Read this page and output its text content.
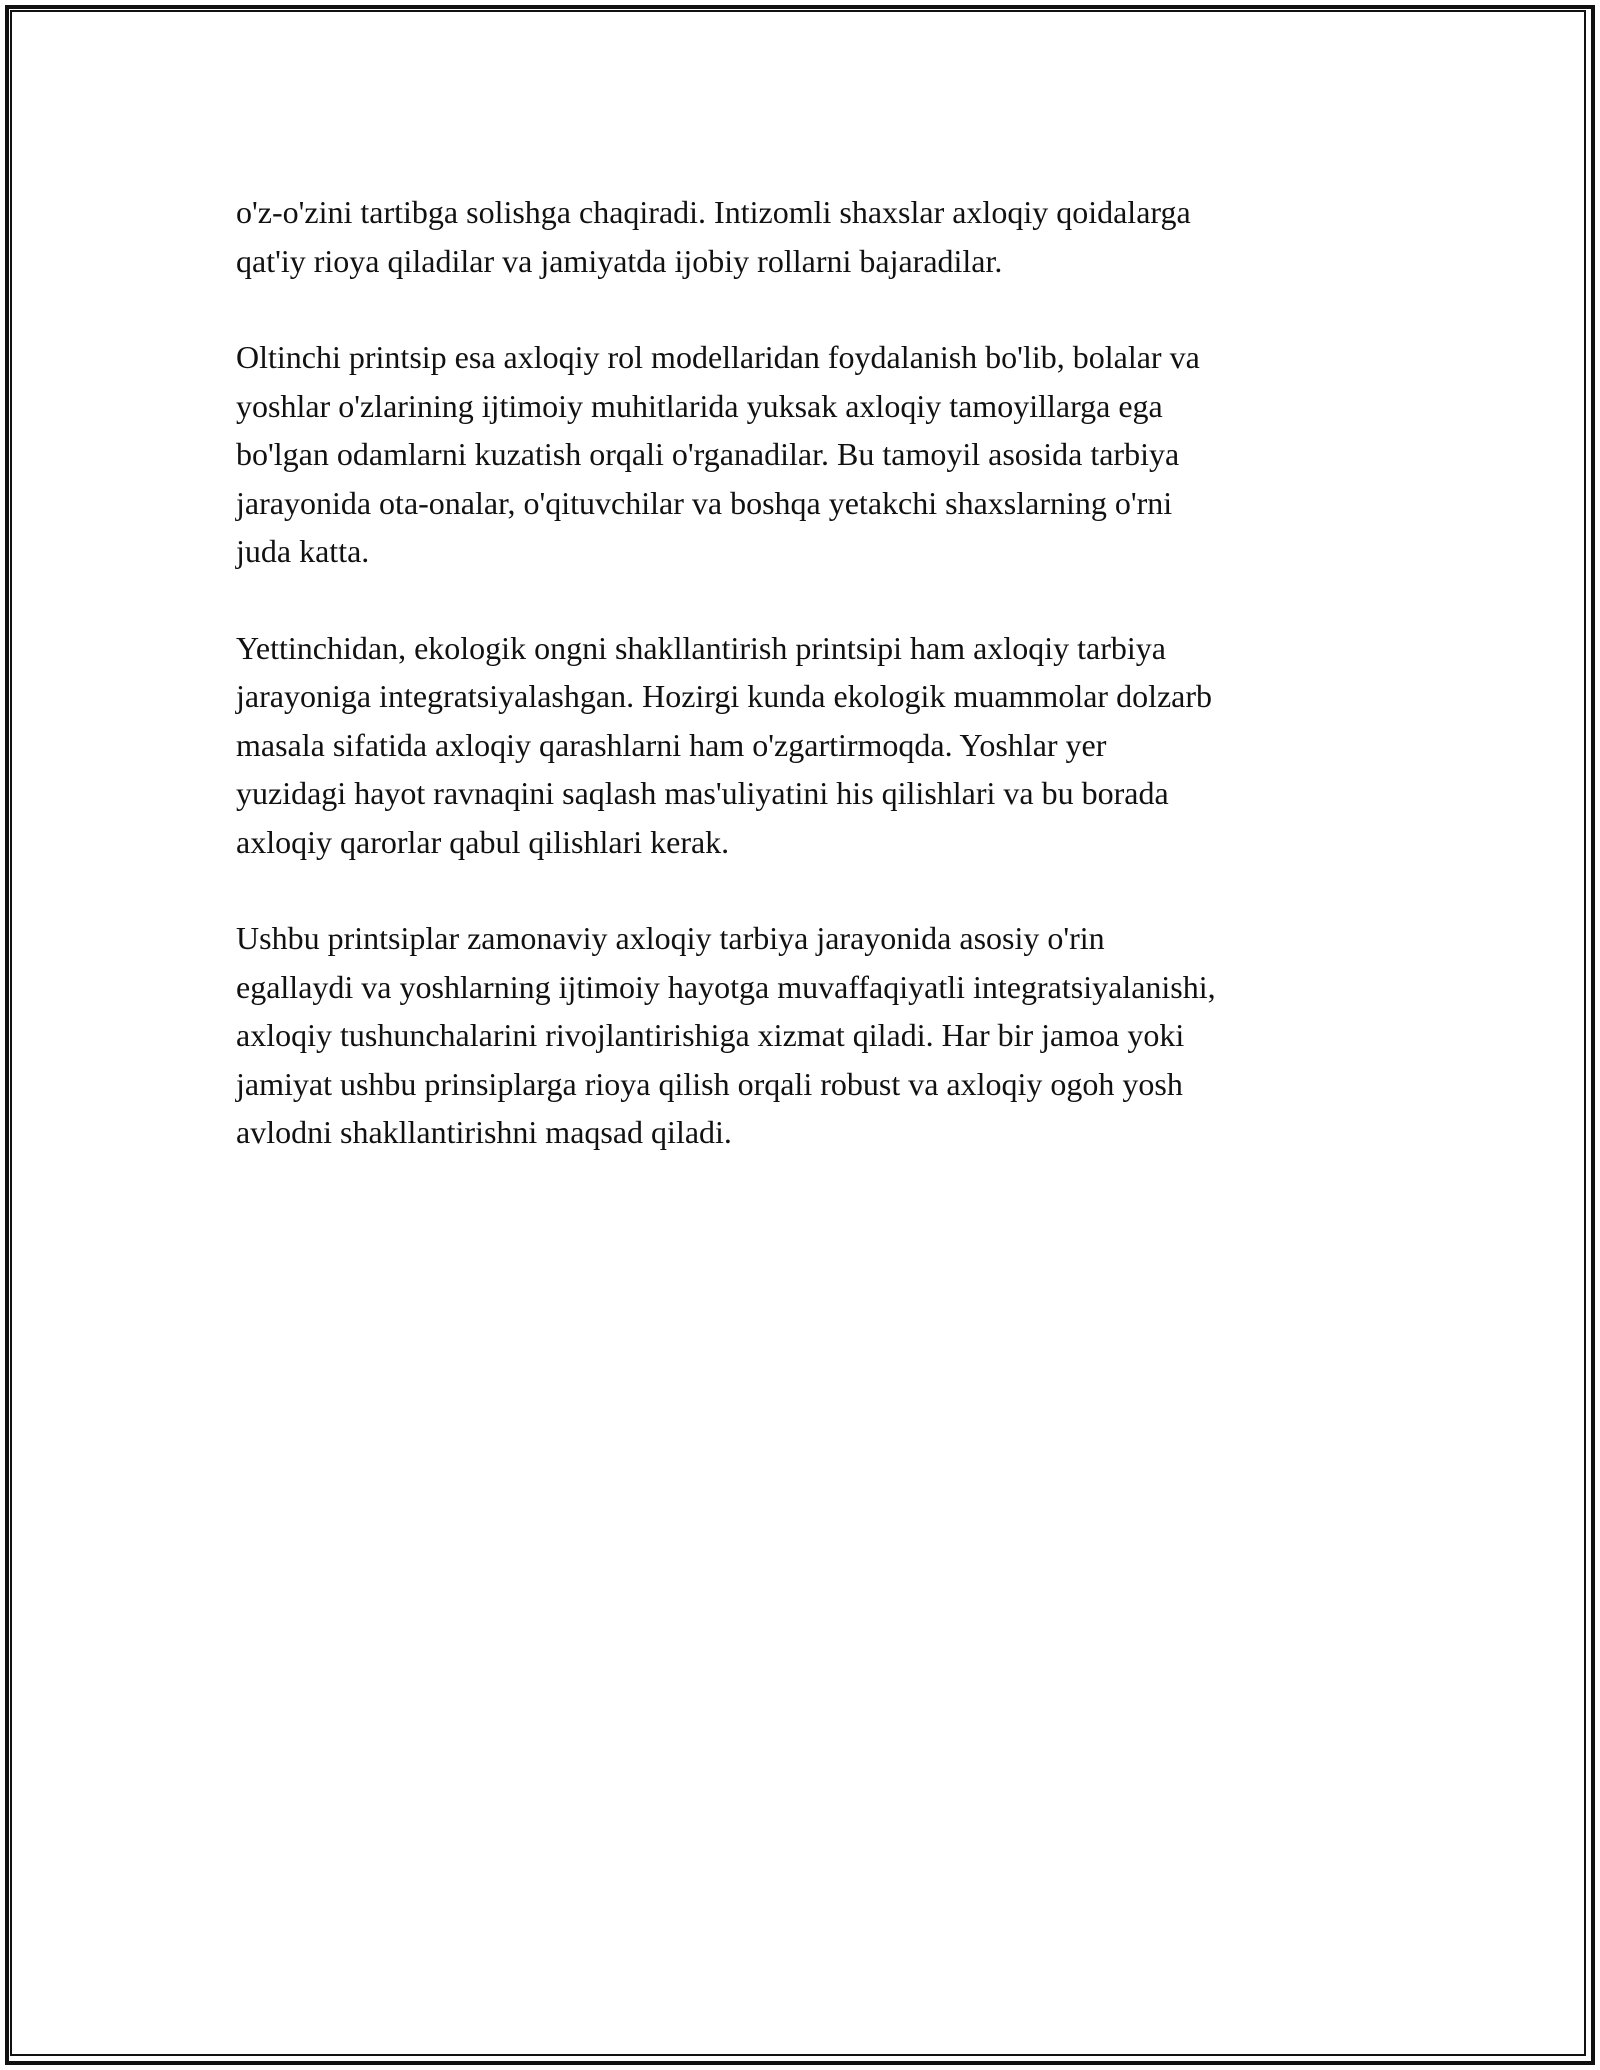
o'z-o'zini tartibga solishga chaqiradi. Intizomli shaxslar axloqiy qoidalarga
qat'iy rioya qiladilar va jamiyatda ijobiy rollarni bajaradilar.

Oltinchi printsip esa axloqiy rol modellaridan foydalanish bo'lib, bolalar va
yoshlar o'zlarining ijtimoiy muhitlarida yuksak axloqiy tamoyillarga ega
bo'lgan odamlarni kuzatish orqali o'rganadilar. Bu tamoyil asosida tarbiya
jarayonida ota-onalar, o'qituvchilar va boshqa yetakchi shaxslarning o'rni
juda katta.

Yettinchidan, ekologik ongni shakllantirish printsipi ham axloqiy tarbiya
jarayoniga integratsiyalashgan. Hozirgi kunda ekologik muammolar dolzarb
masala sifatida axloqiy qarashlarni ham o'zgartirmoqda. Yoshlar yer
yuzidagi hayot ravnaqini saqlash mas'uliyatini his qilishlari va bu borada
axloqiy qarorlar qabul qilishlari kerak.

Ushbu printsiplar zamonaviy axloqiy tarbiya jarayonida asosiy o'rin
egallaydi va yoshlarning ijtimoiy hayotga muvaffaqiyatli integratsiyalanishi,
axloqiy tushunchalarini rivojlantirishiga xizmat qiladi. Har bir jamoa yoki
jamiyat ushbu prinsiplarga rioya qilish orqali robust va axloqiy ogoh yosh
avlodni shakllantirishni maqsad qiladi.
